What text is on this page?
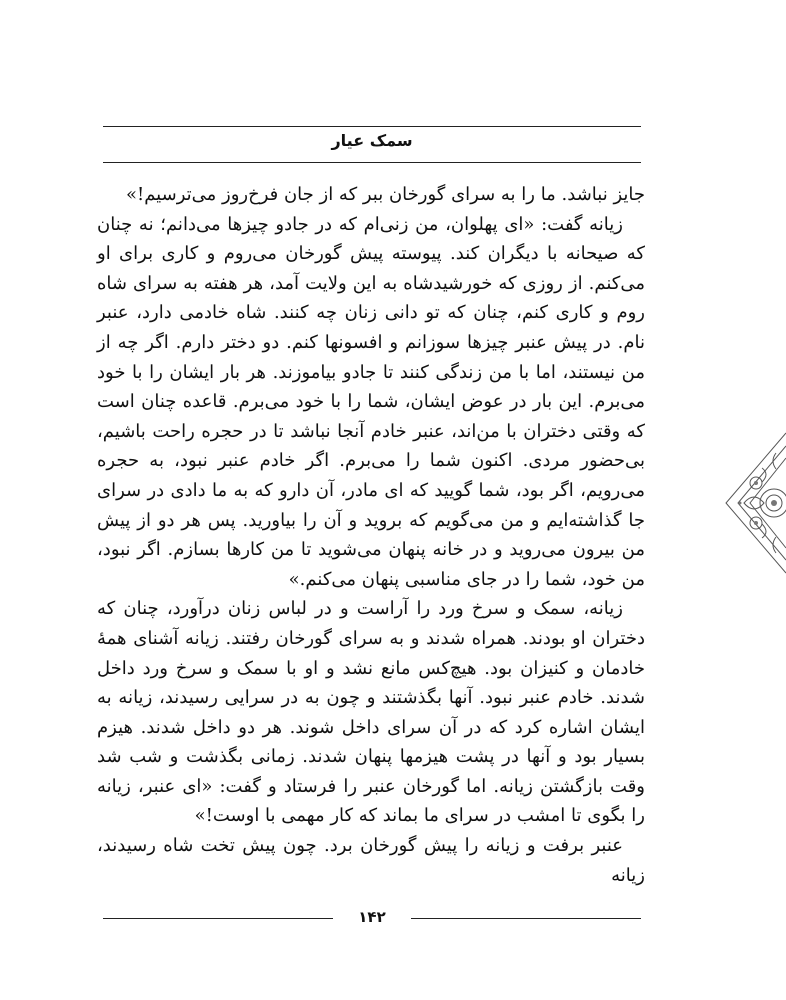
سمک عیار

جایز نباشد. ما را به سرای گورخان ببر که از جان فرخ‌روز می‌ترسیم!»

زیانه گفت: «ای پهلوان، من زنی‌ام که در جادو چیزها می‌دانم؛ نه چنان که صیحانه با دیگران کند. پیوسته پیش گورخان می‌روم و کاری برای او می‌کنم. از روزی که خورشیدشاه به این ولایت آمد، هر هفته به سرای شاه روم و کاری کنم، چنان که تو دانی زنان چه کنند. شاه خادمی دارد، عنبر نام. در پیش عنبر چیزها سوزانم و افسونها کنم. دو دختر دارم. اگر چه از من نیستند، اما با من زندگی کنند تا جادو بیاموزند. هر بار ایشان را با خود می‌برم. این بار در عوض ایشان، شما را با خود می‌برم. قاعده چنان است که وقتی دختران با من‌اند، عنبر خادم آنجا نباشد تا در حجره راحت باشیم، بی‌حضور مردی. اکنون شما را می‌برم. اگر خادم عنبر نبود، به حجره می‌رویم، اگر بود، شما گویید که ای مادر، آن دارو که به ما دادی در سرای جا گذاشته‌ایم و من می‌گویم که بروید و آن را بیاورید. پس هر دو از پیش من بیرون می‌روید و در خانه پنهان می‌شوید تا من کارها بسازم. اگر نبود، من خود، شما را در جای مناسبی پنهان می‌کنم.»

زیانه، سمک و سرخ ورد را آراست و در لباس زنان درآورد، چنان که دختران او بودند. همراه شدند و به سرای گورخان رفتند. زیانه آشنای همهٔ خادمان و کنیزان بود. هیچ‌کس مانع نشد و او با سمک و سرخ ورد داخل شدند. خادم عنبر نبود. آنها بگذشتند و چون به در سرایی رسیدند، زیانه به ایشان اشاره کرد که در آن سرای داخل شوند. هر دو داخل شدند. هیزم بسیار بود و آنها در پشت هیزمها پنهان شدند. زمانی بگذشت و شب شد وقت بازگشتن زیانه. اما گورخان عنبر را فرستاد و گفت: «ای عنبر، زیانه را بگوی تا امشب در سرای ما بماند که کار مهمی با اوست!»

عنبر برفت و زیانه را پیش گورخان برد. چون پیش تخت شاه رسیدند، زیانه

۱۴۲
